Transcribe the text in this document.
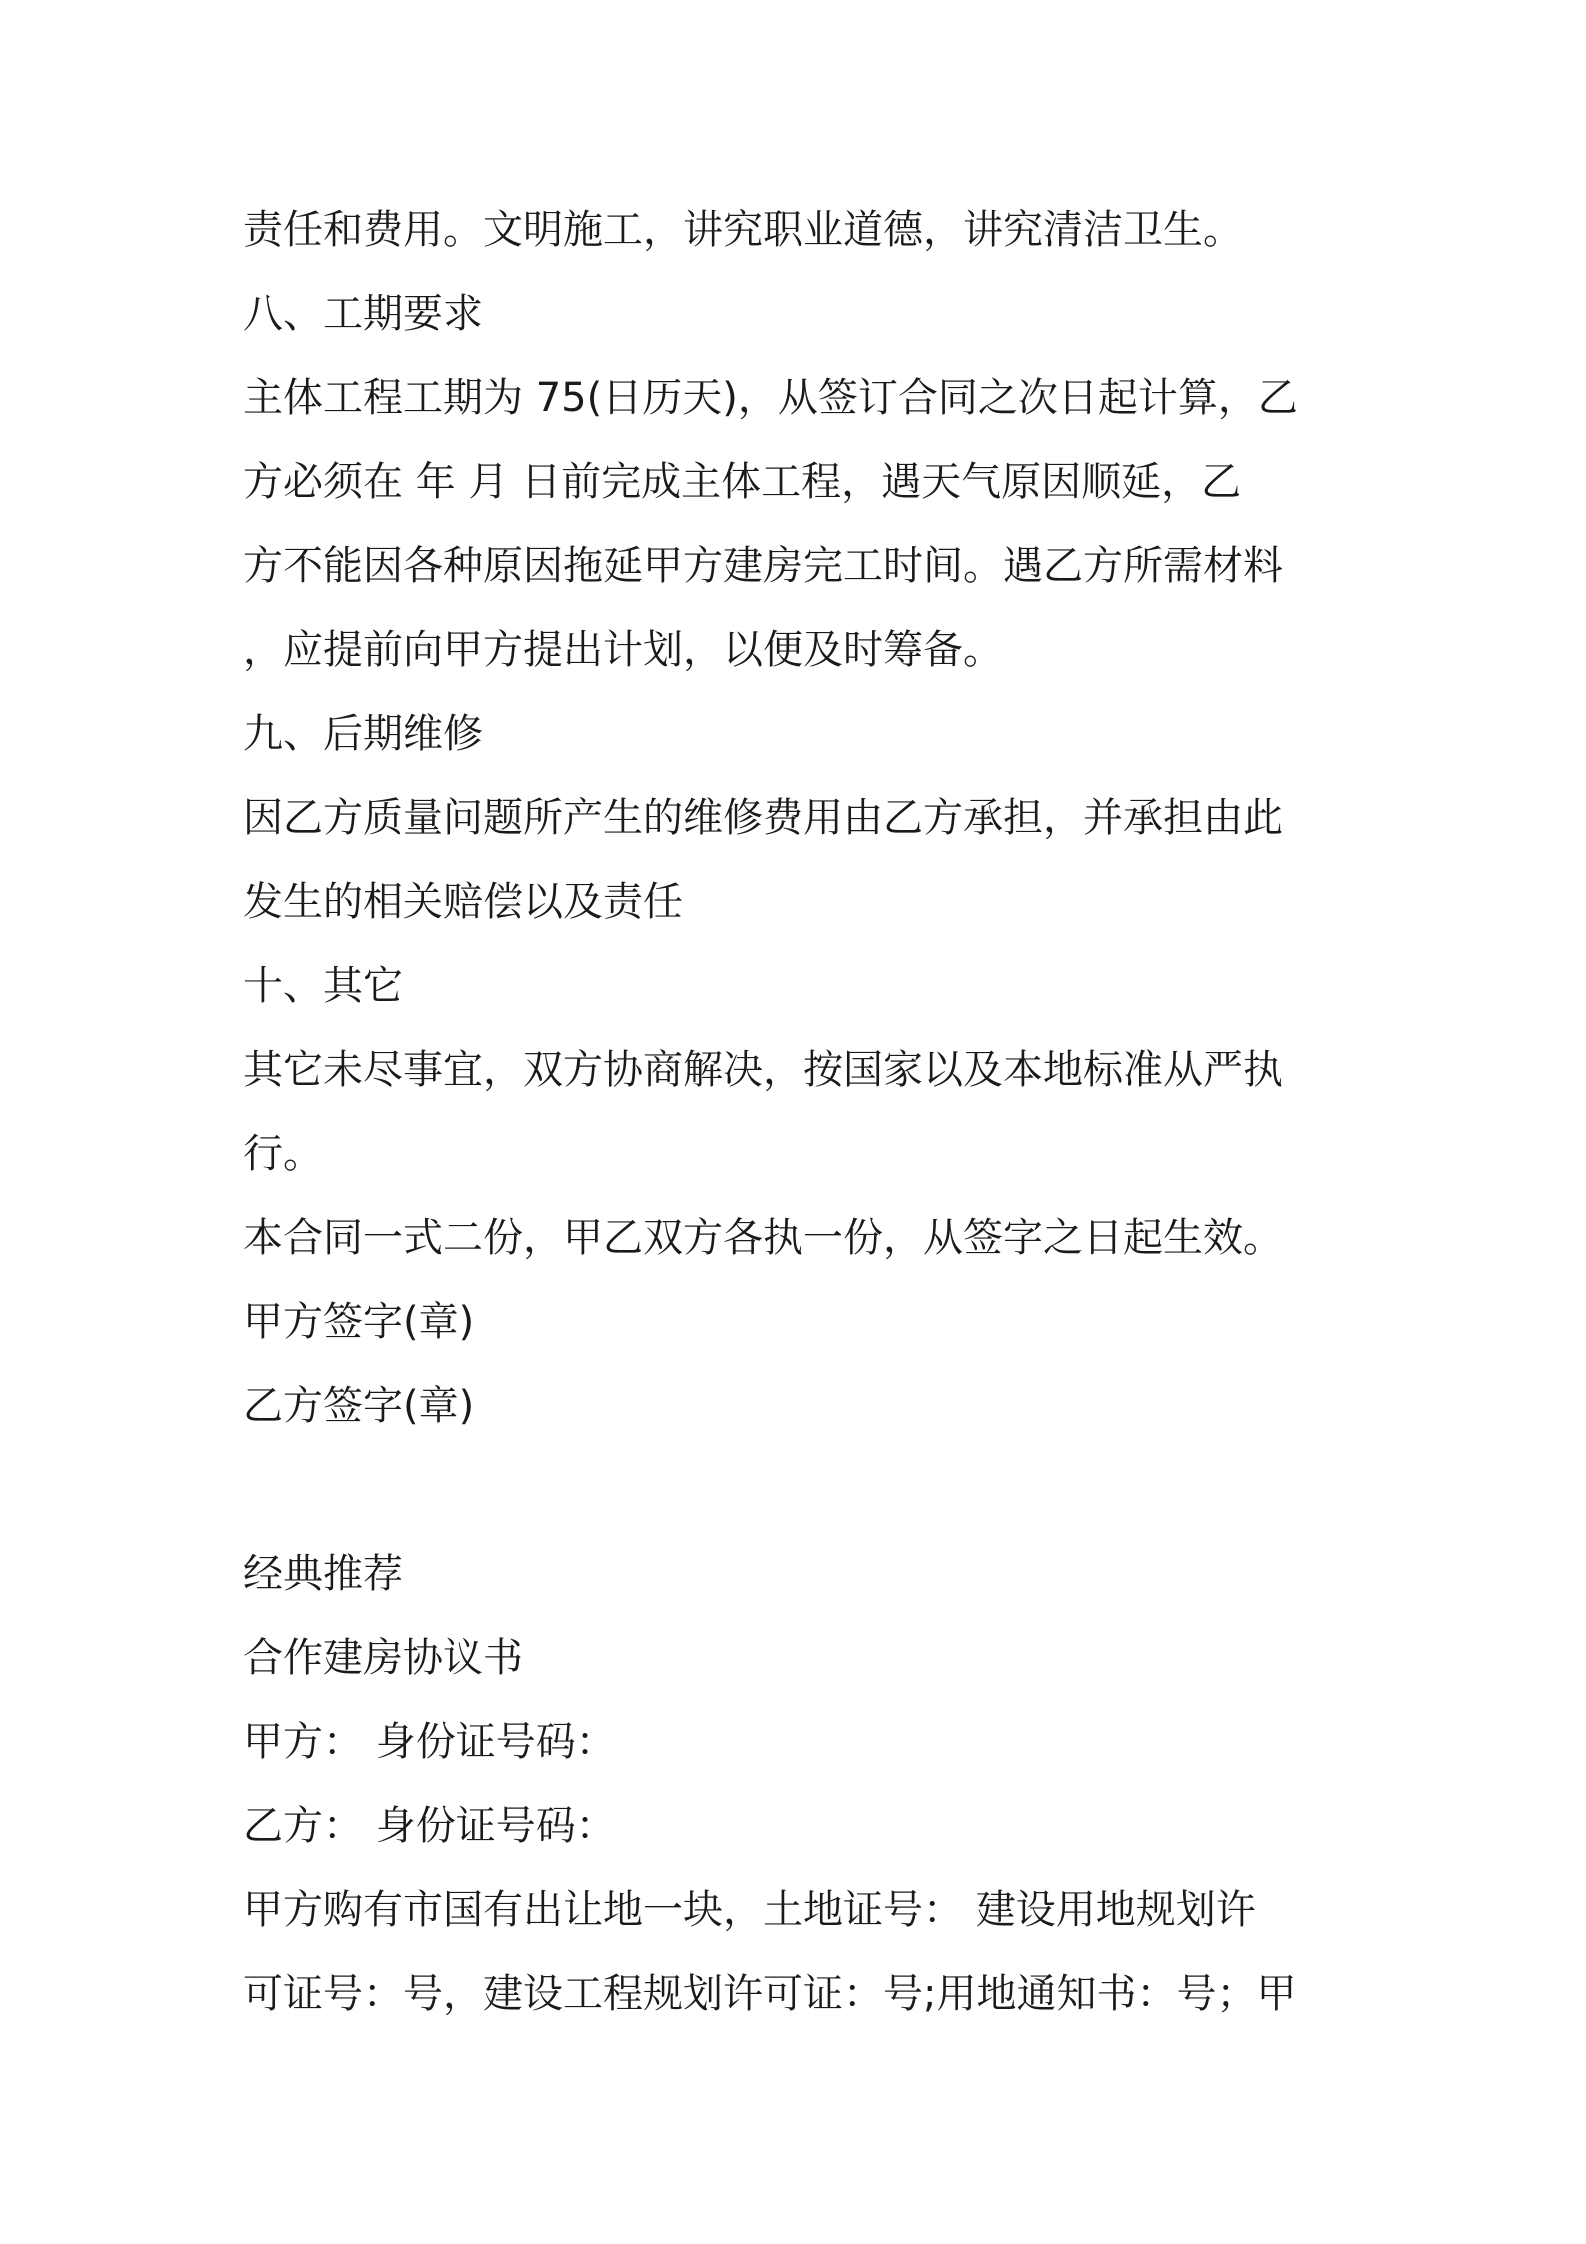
责任和费用。文明施工，讲究职业道德，讲究清洁卫生。
八、工期要求
主体工程工期为 75(日历天)，从签订合同之次日起计算，乙
方必须在 年 月 日前完成主体工程，遇天气原因顺延，乙
方不能因各种原因拖延甲方建房完工时间。遇乙方所需材料
，应提前向甲方提出计划，以便及时筹备。
九、后期维修
因乙方质量问题所产生的维修费用由乙方承担，并承担由此
发生的相关赔偿以及责任
十、其它
其它未尽事宜，双方协商解决，按国家以及本地标准从严执
行。
本合同一式二份，甲乙双方各执一份，从签字之日起生效。
甲方签字(章)
乙方签字(章)
经典推荐
合作建房协议书
甲方： 身份证号码：
乙方： 身份证号码：
甲方购有市国有出让地一块，土地证号： 建设用地规划许
可证号：号，建设工程规划许可证：号;用地通知书：号；甲
